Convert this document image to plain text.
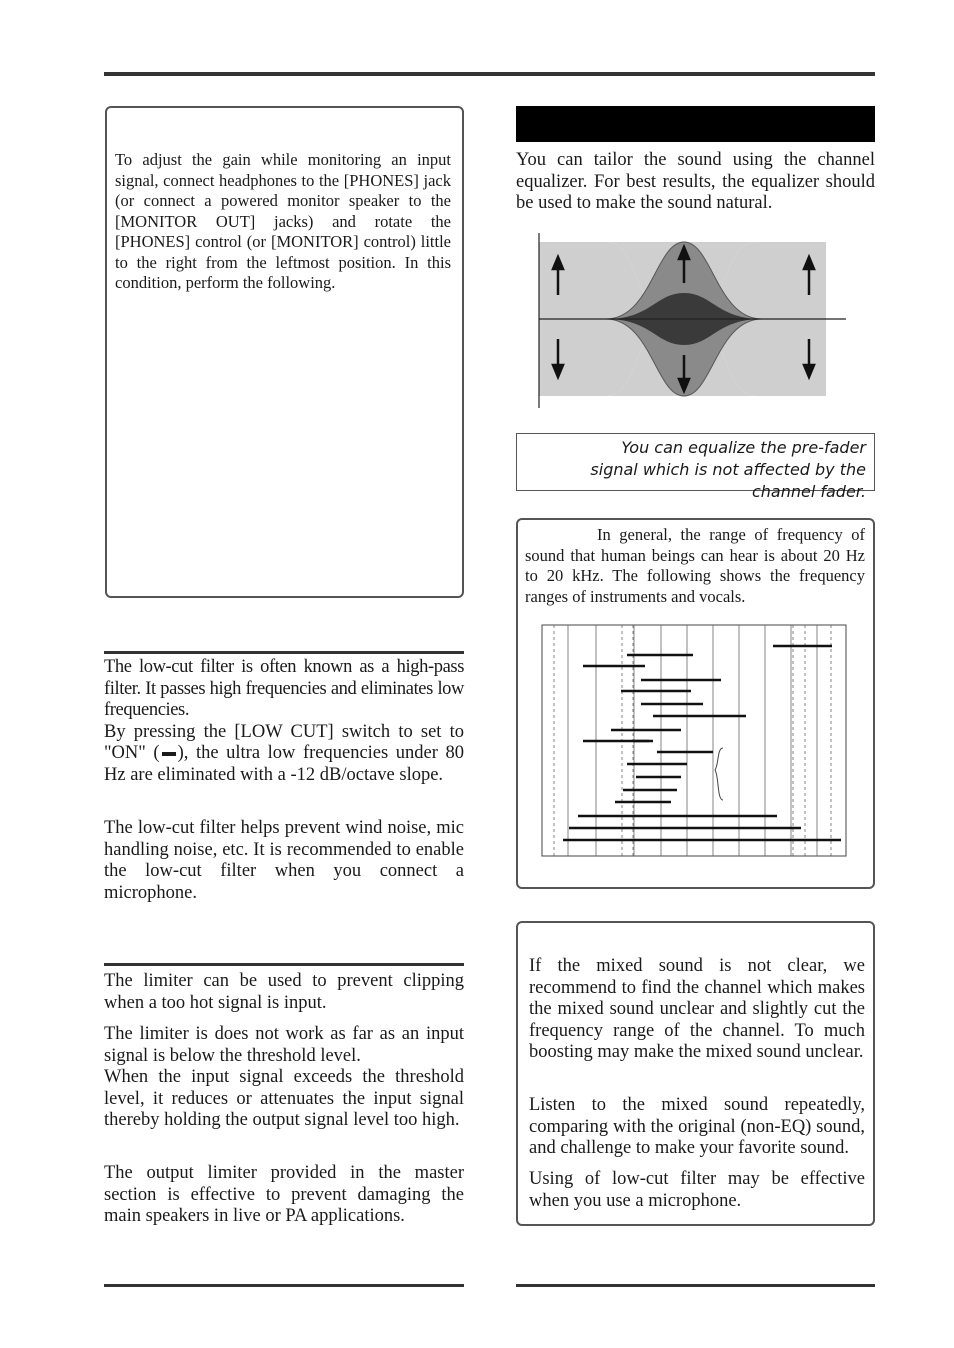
To adjust the gain while monitoring an input signal, connect headphones to the [PHONES] jack (or connect a powered monitor speaker to the [MONITOR OUT] jacks) and rotate the [PHONES] control (or [MONITOR] control) little to the right from the leftmost position. In this condition, perform the following.

The low-cut filter is often known as a high-pass filter. It passes high frequencies and eliminates low frequencies.
By pressing the [LOW CUT] switch to set to "ON" ( ), the ultra low frequencies under 80 Hz are eliminated with a -12 dB/octave slope.

The low-cut filter helps prevent wind noise, mic handling noise, etc. It is recommended to enable the low-cut filter when you connect a microphone.

The limiter can be used to prevent clipping when a too hot signal is input.

The limiter is does not work as far as an input signal is below the threshold level.
When the input signal exceeds the threshold level, it reduces or attenuates the input signal thereby holding the output signal level too high.

The output limiter provided in the master section is effective to prevent damaging the main speakers in live or PA applications.

You can tailor the sound using the channel equalizer. For best results, the equalizer should be used to make the sound natural.

You can equalize the pre-fader signal which is not affected by the channel fader.

In general, the range of frequency of sound that human beings can hear is about 20 Hz to 20 kHz. The following shows the frequency ranges of instruments and vocals.

If the mixed sound is not clear, we recommend to find the channel which makes the mixed sound unclear and slightly cut the frequency range of the channel. To much boosting may make the mixed sound unclear.

Listen to the mixed sound repeatedly, comparing with the original (non-EQ) sound, and challenge to make your favorite sound.

Using of low-cut filter may be effective when you use a microphone.
